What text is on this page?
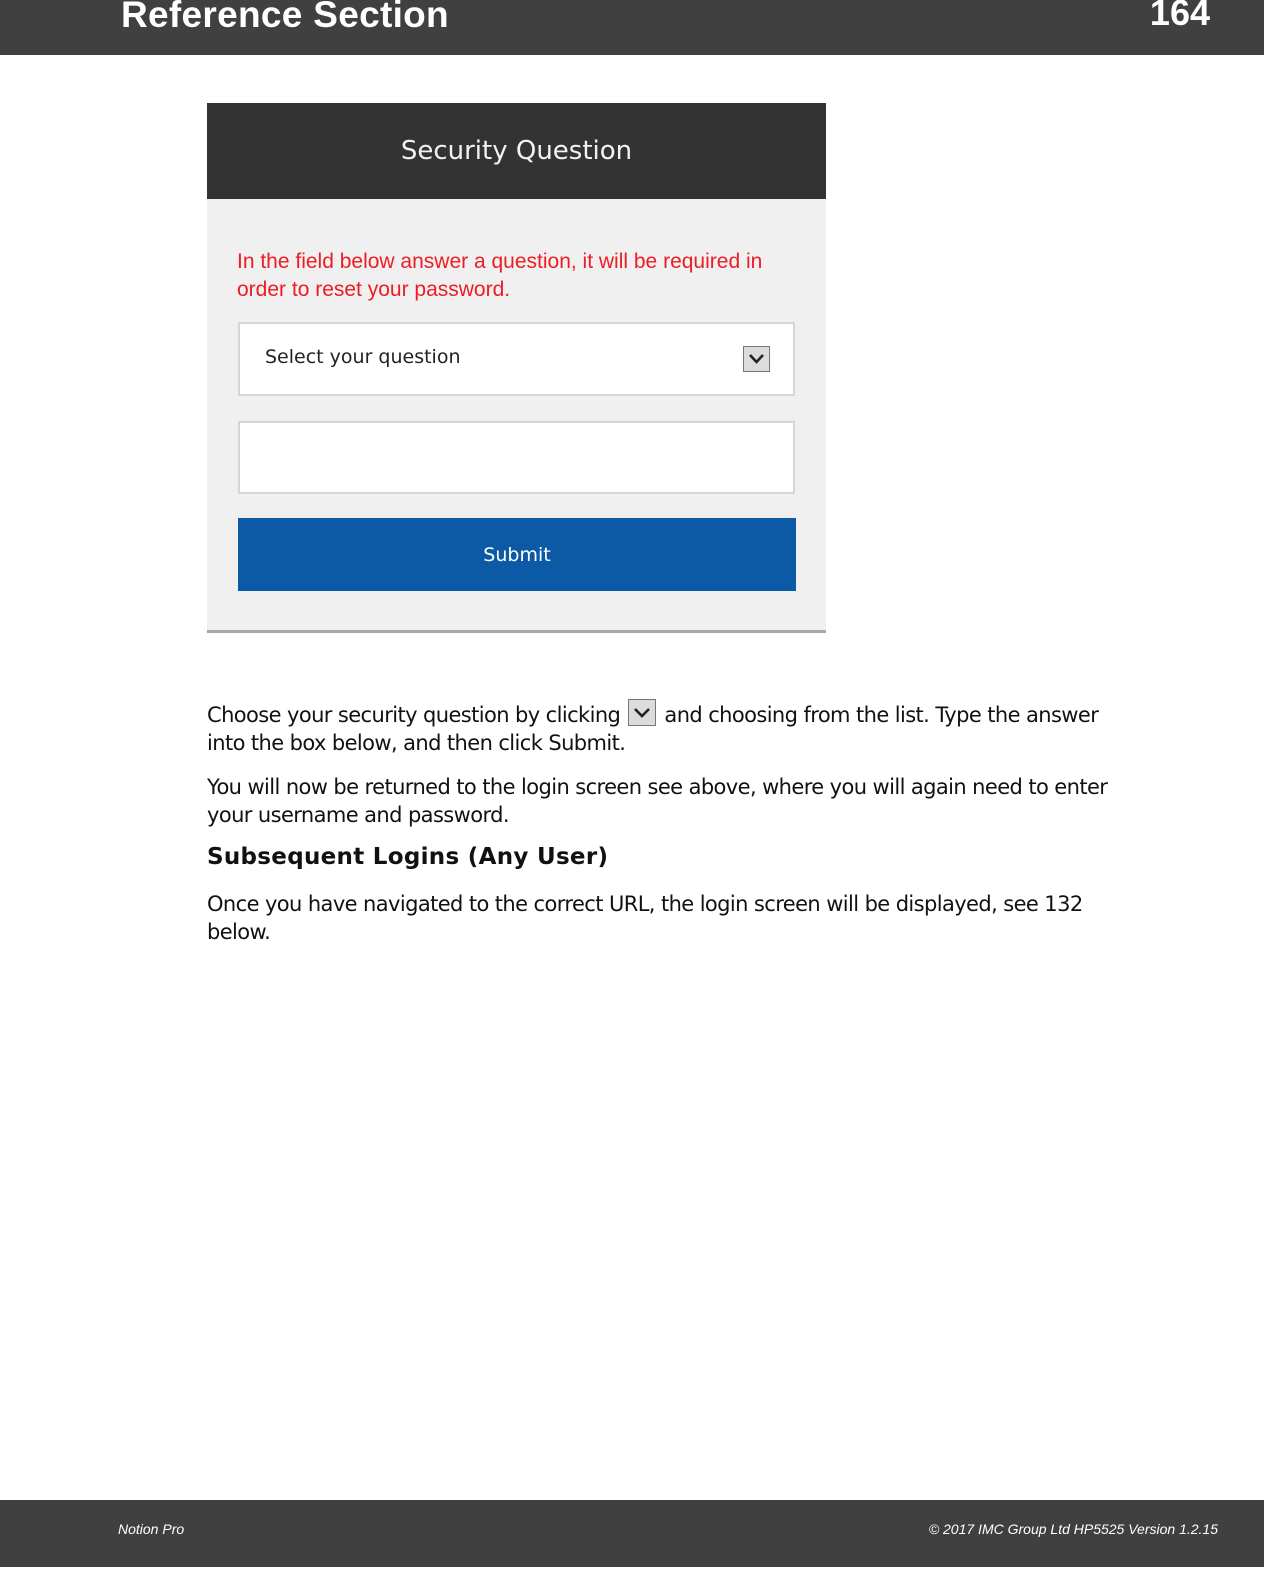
Reference Section	164
Security Question
In the field below answer a question, it will be required in order to reset your password.
Select your question
Submit
Choose your security question by clicking and choosing from the list. Type the answer into the box below, and then click Submit.
You will now be returned to the login screen see above, where you will again need to enter your username and password.
Subsequent Logins (Any User)
Once you have navigated to the correct URL, the login screen will be displayed, see 132 below.
Notion Pro	© 2017 IMC Group Ltd HP5525 Version 1.2.15
